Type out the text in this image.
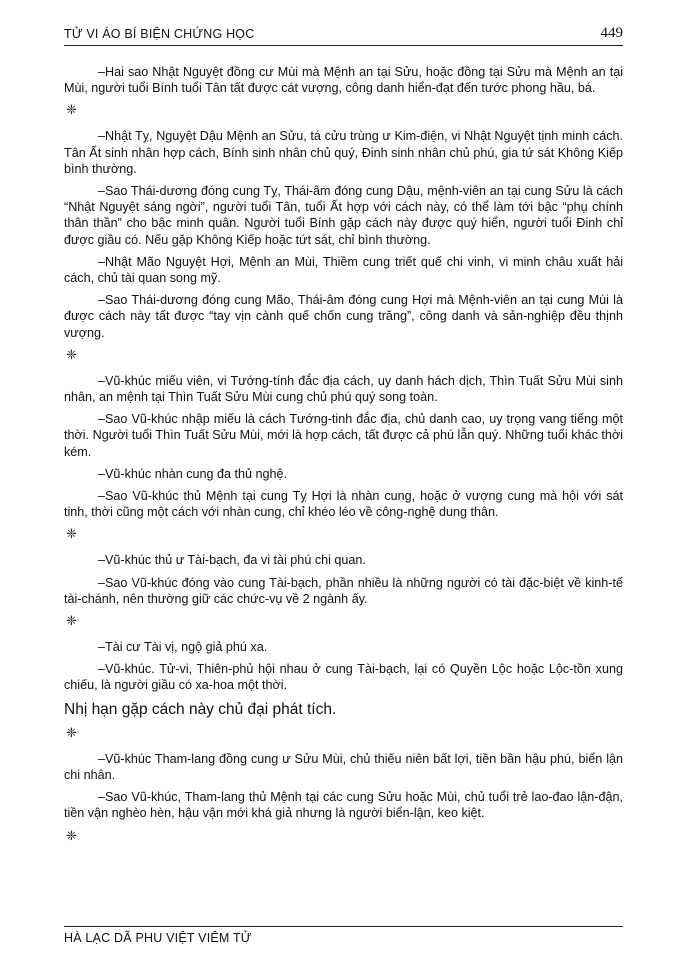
TỬ VI ÁO BÍ BIỆN CHỨNG HỌC	449

–Hai sao Nhật Nguyệt đồng cư Mùi mà Mệnh an tại Sửu, hoặc đồng tại Sửu mà Mệnh an tại Mùi, người tuổi Bính tuổi Tân tất được cát vượng, công danh hiển-đạt đến tước phong hầu, bá.

❈

–Nhật Tỵ, Nguyệt Dậu Mệnh an Sửu, tá cửu trùng ư Kim-điện, vi Nhật Nguyệt tịnh minh cách. Tân Ất sinh nhân hợp cách, Bính sinh nhân chủ quý, Đinh sinh nhân chủ phú, gia tứ sát Không Kiếp bình thường.

–Sao Thái-dương đóng cung Tỵ, Thái-âm đóng cung Dậu, mệnh-viên an tại cung Sửu là cách “Nhật Nguyệt sáng ngời”, người tuổi Tân, tuổi Ất hợp với cách này, có thể làm tới bậc “phụ chính thân thần” cho bậc minh quân. Người tuổi Bính gặp cách này được quý hiển, người tuổi Đinh chỉ được giầu có. Nếu gặp Không Kiếp hoặc tứt sát, chỉ bình thường.

–Nhật Mão Nguyệt Hợi, Mệnh an Mùi, Thiềm cung triết quế chi vinh, vi minh châu xuất hải cách, chủ tài quan song mỹ.

–Sao Thái-dương đóng cung Mão, Thái-âm đóng cung Hợi mà Mệnh-viên an tại cung Mùi là được cách này tất được “tay vịn cành quế chốn cung trăng”, công danh và sản-nghiệp đều thịnh vượng.

❈

–Vũ-khúc miếu viên, vi Tướng-tính đắc địa cách, uy danh hách dịch, Thìn Tuất Sửu Mùi sinh nhân, an mệnh tại Thìn Tuất Sửu Mùi cung chủ phú quý song toàn.

–Sao Vũ-khúc nhập miếu là cách Tướng-tinh đắc địa, chủ danh cao, uy trọng vang tiếng một thời. Người tuổi Thìn Tuất Sửu Mùi, mới là hợp cách, tất được cả phú lẫn quý. Những tuổi khác thời kém.

–Vũ-khúc nhàn cung đa thủ nghệ.

–Sao Vũ-khúc thủ Mệnh tại cung Tỵ Hợi là nhàn cung, hoặc ở vượng cung mà hội với sát tinh, thời cũng một cách với nhàn cung, chỉ khéo léo về công-nghệ dung thân.

❈

–Vũ-khúc thủ ư Tài-bạch, đa vi tài phú chi quan.

–Sao Vũ-khúc đóng vào cung Tài-bạch, phần nhiều là những người có tài đặc-biệt về kinh-tế tài-chánh, nên thường giữ các chức-vụ về 2 ngành ấy.

❈

–Tài cư Tài vị, ngộ giả phú xa.

–Vũ-khúc. Tử-vi, Thiên-phủ hội nhau ở cung Tài-bạch, lại có Quyền Lộc hoặc Lộc-tồn xung chiếu, là người giầu có xa-hoa một thời.

Nhị hạn gặp cách này chủ đại phát tích.

❈

–Vũ-khúc Tham-lang đồng cung ư Sửu Mùi, chủ thiếu niên bất lợi, tiền bần hậu phú, biển lận chi nhân.

–Sao Vũ-khúc, Tham-lang thủ Mệnh tại các cung Sửu hoặc Mùi, chủ tuổi trẻ lao-đao lận-đận, tiền vận nghèo hèn, hậu vận mới khá giả nhưng là người biển-lận, keo kiệt.

❈
HÀ LẠC DÃ PHU VIỆT VIÊM TỬ
